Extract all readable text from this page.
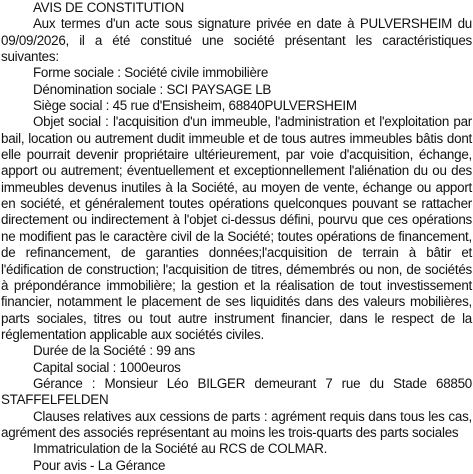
AVIS DE CONSTITUTION

Aux termes d'un acte sous signature privée en date à PULVERSHEIM du 09/09/2026, il a été constitué une société présentant les caractéristiques suivantes:

Forme sociale : Société civile immobilière

Dénomination sociale : SCI PAYSAGE LB

Siège social : 45 rue d'Ensisheim, 68840PULVERSHEIM

Objet social : l'acquisition d'un immeuble, l'administration et l'exploitation par bail, location ou autrement dudit immeuble et de tous autres immeubles bâtis dont elle pourrait devenir propriétaire ultérieurement, par voie d'acquisition, échange, apport ou autrement; éventuellement et exceptionnellement l'aliénation du ou des immeubles devenus inutiles à la Société, au moyen de vente, échange ou apport en société, et généralement toutes opérations quelconques pouvant se rattacher directement ou indirectement à l'objet ci-dessus défini, pourvu que ces opérations ne modifient pas le caractère civil de la Société; toutes opérations de financement, de refinancement, de garanties données;l'acquisition de terrain à bâtir et l'édification de construction; l'acquisition de titres, démembrés ou non, de sociétés à prépondérance immobilière; la gestion et la réalisation de tout investissement financier, notamment le placement de ses liquidités dans des valeurs mobilières, parts sociales, titres ou tout autre instrument financier, dans le respect de la réglementation applicable aux sociétés civiles.

Durée de la Société : 99 ans

Capital social : 1000euros

Gérance : Monsieur Léo BILGER demeurant 7 rue du Stade 68850 STAFFELFELDEN

Clauses relatives aux cessions de parts : agrément requis dans tous les cas, agrément des associés représentant au moins les trois-quarts des parts sociales

Immatriculation de la Société au RCS de COLMAR.

Pour avis - La Gérance
